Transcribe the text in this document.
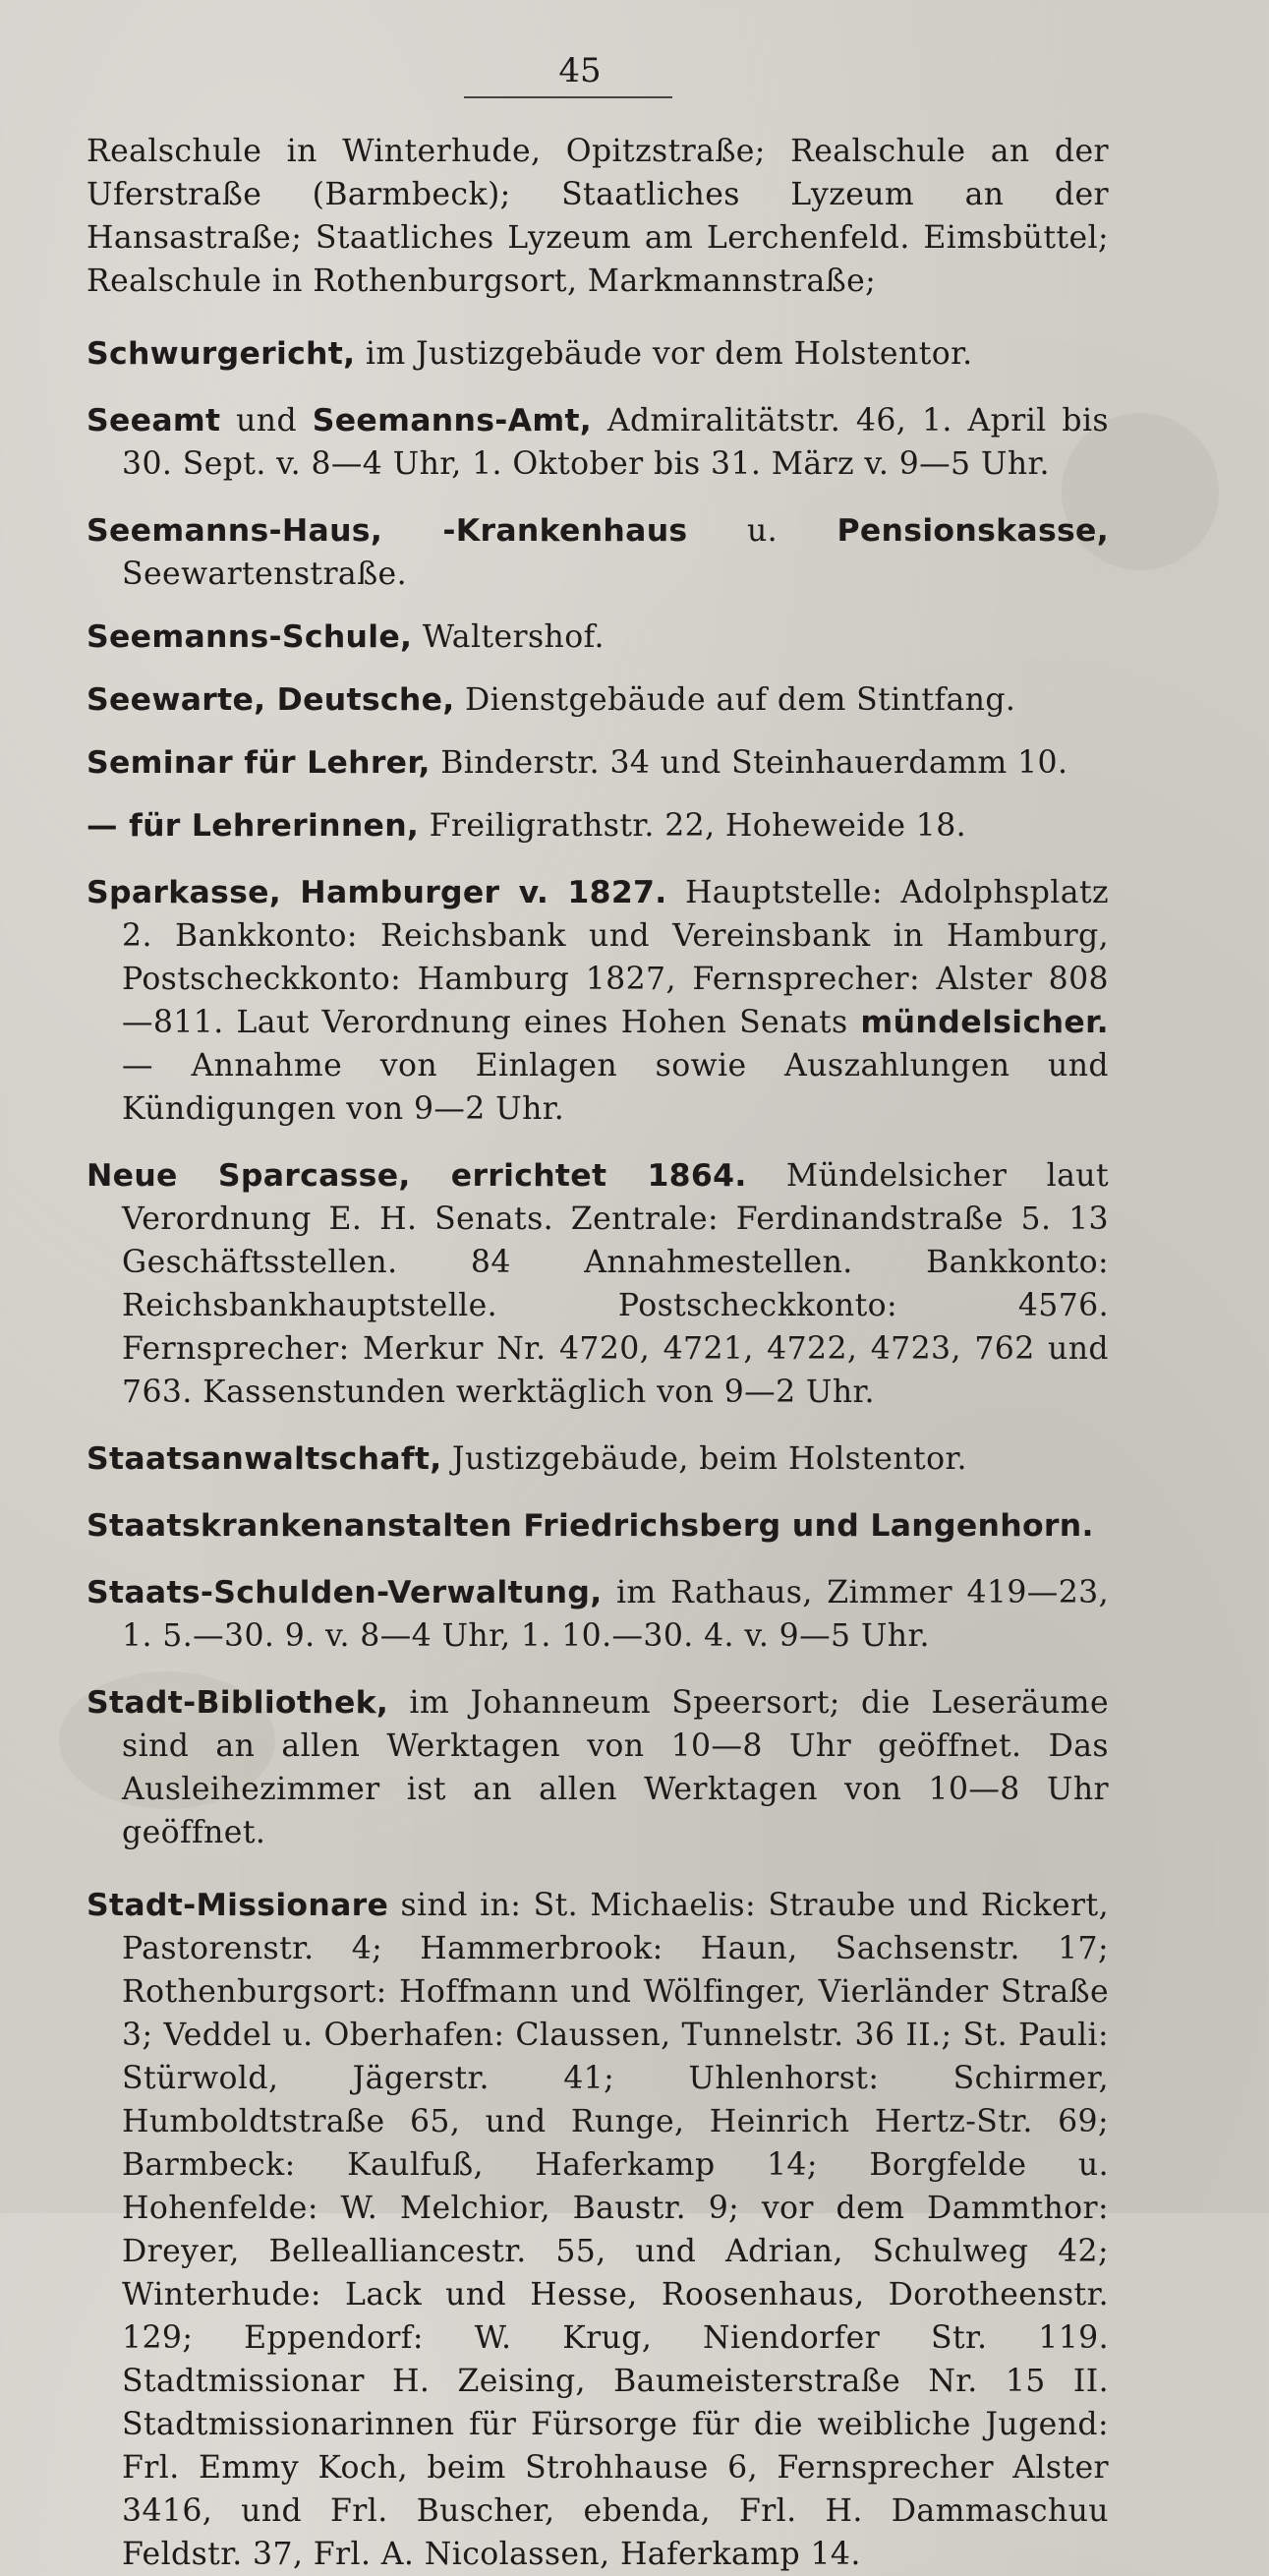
45

Realschule in Winterhude, Opitzstraße; Realschule an der Uferstraße (Barmbeck); Staatliches Lyzeum an der Hansastraße; Staatliches Lyzeum am Lerchenfeld. Eimsbüttel; Realschule in Rothenburgsort, Markmannstraße;

Schwurgericht, im Justizgebäude vor dem Holstentor.

Seeamt und Seemanns-Amt, Admiralitätstr. 46, 1. April bis 30. Sept. v. 8—4 Uhr, 1. Oktober bis 31. März v. 9—5 Uhr.

Seemanns-Haus, -Krankenhaus u. Pensionskasse, Seewartenstraße.

Seemanns-Schule, Waltershof.

Seewarte, Deutsche, Dienstgebäude auf dem Stintfang.

Seminar für Lehrer, Binderstr. 34 und Steinhauerdamm 10.

— für Lehrerinnen, Freiligrathstr. 22, Hoheweide 18.

Sparkasse, Hamburger v. 1827. Hauptstelle: Adolphsplatz 2. Bankkonto: Reichsbank und Vereinsbank in Hamburg, Postscheckkonto: Hamburg 1827, Fernsprecher: Alster 808—811. Laut Verordnung eines Hohen Senats mündelsicher. — Annahme von Einlagen sowie Auszahlungen und Kündigungen von 9—2 Uhr.

Neue Sparcasse, errichtet 1864. Mündelsicher laut Verordnung E. H. Senats. Zentrale: Ferdinandstraße 5. 13 Geschäftsstellen. 84 Annahmestellen. Bankkonto: Reichsbankhauptstelle. Postscheckkonto: 4576. Fernsprecher: Merkur Nr. 4720, 4721, 4722, 4723, 762 und 763. Kassenstunden werktäglich von 9—2 Uhr.

Staatsanwaltschaft, Justizgebäude, beim Holstentor.

Staatskrankenanstalten Friedrichsberg und Langenhorn.

Staats-Schulden-Verwaltung, im Rathaus, Zimmer 419—23, 1. 5.—30. 9. v. 8—4 Uhr, 1. 10.—30. 4. v. 9—5 Uhr.

Stadt-Bibliothek, im Johanneum Speersort; die Leseräume sind an allen Werktagen von 10—8 Uhr geöffnet. Das Ausleihezimmer ist an allen Werktagen von 10—8 Uhr geöffnet.

Stadt-Missionare sind in: St. Michaelis: Straube und Rickert, Pastorenstr. 4; Hammerbrook: Haun, Sachsenstr. 17; Rothenburgsort: Hoffmann und Wölfinger, Vierländer Straße 3; Veddel u. Oberhafen: Claussen, Tunnelstr. 36 II.; St. Pauli: Stürwold, Jägerstr. 41; Uhlenhorst: Schirmer, Humboldtstraße 65, und Runge, Heinrich Hertz-Str. 69; Barmbeck: Kaulfuß, Haferkamp 14; Borgfelde u. Hohenfelde: W. Melchior, Baustr. 9; vor dem Dammthor: Dreyer, Bellealliancestr. 55, und Adrian, Schulweg 42; Winterhude: Lack und Hesse, Roosenhaus, Dorotheenstr. 129; Eppendorf: W. Krug, Niendorfer Str. 119. Stadtmissionar H. Zeising, Baumeisterstraße Nr. 15 II. Stadtmissionarinnen für Fürsorge für die weibliche Jugend: Frl. Emmy Koch, beim Strohhause 6, Fernsprecher Alster 3416, und Frl. Buscher, ebenda, Frl. H. Dammaschuu Feldstr. 37, Frl. A. Nicolassen, Haferkamp 14.
